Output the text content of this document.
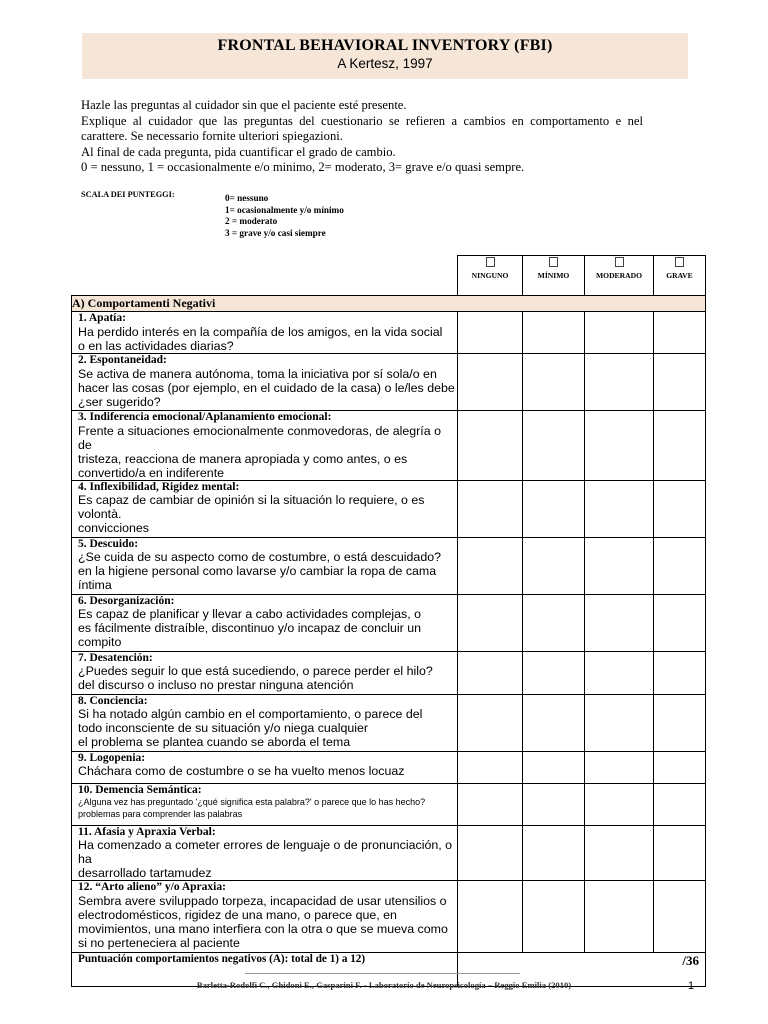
FRONTAL BEHAVIORAL INVENTORY (FBI)
A Kertesz, 1997
Hazle las preguntas al cuidador sin que el paciente esté presente.
Explique al cuidador que las preguntas del cuestionario se refieren a cambios en comportamento e nel carattere. Se necessario fornite ulteriori spiegazioni.
Al final de cada pregunta, pida cuantificar el grado de cambio.
0 = nessuno, 1 = occasionalmente e/o minimo, 2= moderato, 3= grave e/o quasi sempre.
SCALA DEI PUNTEGGI:	0= nessuno
1= ocasionalmente y/o mínimo
2 = moderato
3 = grave y/o casi siempre

NINGUNO	MÍNIMO	MODERADO	GRAVE
A) Comportamenti Negativi				

1. Apatía:
Ha perdido interés en la compañía de los amigos, en la vida social
o en las actividades diarias?				

2. Espontaneidad:
Se activa de manera autónoma, toma la iniciativa por sí sola/o en
hacer las cosas (por ejemplo, en el cuidado de la casa) o le/les debe
¿ser sugerido?				

3. Indiferencia emocional/Aplanamiento emocional:
Frente a situaciones emocionalmente conmovedoras, de alegría o de
tristeza, reacciona de manera apropiada y como antes, o es
convertido/a en indiferente				

4. Inflexibilidad, Rigidez mental:
Es capaz de cambiar de opinión si la situación lo requiere, o es
volontà.
convicciones				

5. Descuido:
¿Se cuida de su aspecto como de costumbre, o está descuidado?
en la higiene personal como lavarse y/o cambiar la ropa de cama
íntima				

6. Desorganización:
Es capaz de planificar y llevar a cabo actividades complejas, o
es fácilmente distraíble, discontinuo y/o incapaz de concluir un
compito				

7. Desatención:
¿Puedes seguir lo que está sucediendo, o parece perder el hilo?
del discurso o incluso no prestar ninguna atención				

8. Conciencia:
Si ha notado algún cambio en el comportamiento, o parece del
todo inconsciente de su situación y/o niega cualquier
el problema se plantea cuando se aborda el tema				

9. Logopenia:
Cháchara como de costumbre o se ha vuelto menos locuaz				

10. Demencia Semántica:
¿Alguna vez has preguntado '¿qué significa esta palabra?' o parece que lo has hecho?
problemas para comprender las palabras				

11. Afasia y Apraxia Verbal:
Ha comenzado a cometer errores de lenguaje o de pronunciación, o ha
desarrollado tartamudez				

12. “Arto alieno” y/o Apraxia:
Sembra avere sviluppado torpeza, incapacidad de usar utensilios o
electrodomésticos, rigidez de una mano, o parece que, en
movimientos, una mano interfiera con la otra o que se mueva como
si no perteneciera al paciente				

Puntuación comportamientos negativos (A): total de 1) a 12)	/36			
Barletta-Rodolfi C., Ghidoni E., Gasparini F. - Laboratorio de Neuropsicología – Reggio Emilia (2010)	1
